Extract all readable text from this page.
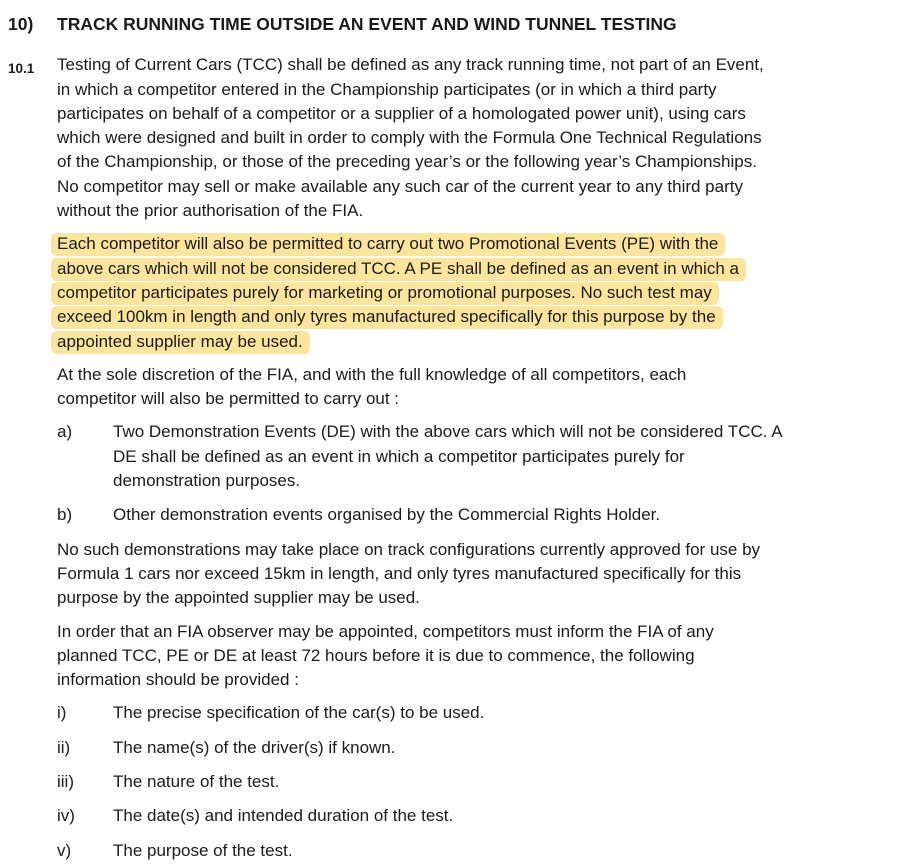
10)	TRACK RUNNING TIME OUTSIDE AN EVENT AND WIND TUNNEL TESTING
10.1	Testing of Current Cars (TCC) shall be defined as any track running time, not part of an Event,
in which a competitor entered in the Championship participates (or in which a third party
participates on behalf of a competitor or a supplier of a homologated power unit), using cars
which were designed and built in order to comply with the Formula One Technical Regulations
of the Championship, or those of the preceding year’s or the following year’s Championships.
No competitor may sell or make available any such car of the current year to any third party
without the prior authorisation of the FIA.
Each competitor will also be permitted to carry out two Promotional Events (PE) with the
above cars which will not be considered TCC. A PE shall be defined as an event in which a
competitor participates purely for marketing or promotional purposes. No such test may
exceed 100km in length and only tyres manufactured specifically for this purpose by the
appointed supplier may be used.
At the sole discretion of the FIA, and with the full knowledge of all competitors, each
competitor will also be permitted to carry out :
a)	Two Demonstration Events (DE) with the above cars which will not be considered TCC. A
DE shall be defined as an event in which a competitor participates purely for
demonstration purposes.
b)	Other demonstration events organised by the Commercial Rights Holder.
No such demonstrations may take place on track configurations currently approved for use by
Formula 1 cars nor exceed 15km in length, and only tyres manufactured specifically for this
purpose by the appointed supplier may be used.
In order that an FIA observer may be appointed, competitors must inform the FIA of any
planned TCC, PE or DE at least 72 hours before it is due to commence, the following
information should be provided :
i)	The precise specification of the car(s) to be used.
ii)	The name(s) of the driver(s) if known.
iii)	The nature of the test.
iv)	The date(s) and intended duration of the test.
v)	The purpose of the test.
